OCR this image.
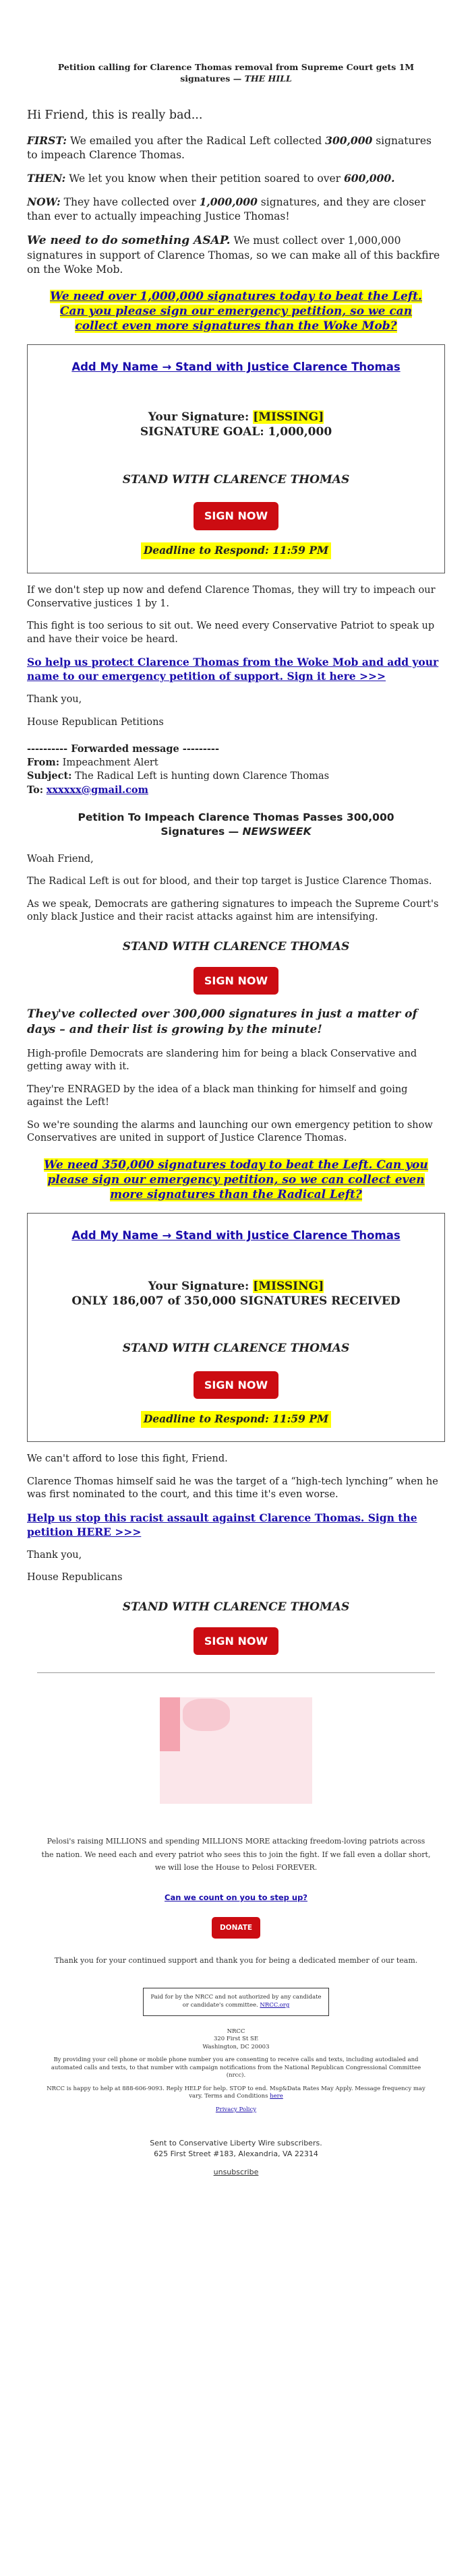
Petition calling for Clarence Thomas removal from Supreme Court gets 1M signatures — THE HILL

Hi Friend, this is really bad...

FIRST: We emailed you after the Radical Left collected 300,000 signatures to impeach Clarence Thomas.

THEN: We let you know when their petition soared to over 600,000.

NOW: They have collected over 1,000,000 signatures, and they are closer than ever to actually impeaching Justice Thomas!

We need to do something ASAP. We must collect over 1,000,000 signatures in support of Clarence Thomas, so we can make all of this backfire on the Woke Mob.

We need over 1,000,000 signatures today to beat the Left. Can you please sign our emergency petition, so we can collect even more signatures than the Woke Mob?
Add My Name → Stand with Justice Clarence Thomas
Your Signature: [MISSING]
SIGNATURE GOAL: 1,000,000
STAND WITH CLARENCE THOMAS
SIGN NOW
Deadline to Respond: 11:59 PM

If we don't step up now and defend Clarence Thomas, they will try to impeach our Conservative justices 1 by 1.

This fight is too serious to sit out. We need every Conservative Patriot to speak up and have their voice be heard.

So help us protect Clarence Thomas from the Woke Mob and add your name to our emergency petition of support. Sign it here >>>

Thank you,

House Republican Petitions

---------- Forwarded message ---------
From: Impeachment Alert
Subject: The Radical Left is hunting down Clarence Thomas
To: xxxxxx@gmail.com
Petition To Impeach Clarence Thomas Passes 300,000 Signatures — NEWSWEEK

Woah Friend,

The Radical Left is out for blood, and their top target is Justice Clarence Thomas.

As we speak, Democrats are gathering signatures to impeach the Supreme Court's only black Justice and their racist attacks against him are intensifying.

STAND WITH CLARENCE THOMAS
SIGN NOW

They've collected over 300,000 signatures in just a matter of days – and their list is growing by the minute!

High-profile Democrats are slandering him for being a black Conservative and getting away with it.

They're ENRAGED by the idea of a black man thinking for himself and going against the Left!

So we're sounding the alarms and launching our own emergency petition to show Conservatives are united in support of Justice Clarence Thomas.

We need 350,000 signatures today to beat the Left. Can you please sign our emergency petition, so we can collect even more signatures than the Radical Left?
Add My Name → Stand with Justice Clarence Thomas
Your Signature: [MISSING]
ONLY 186,007 of 350,000 SIGNATURES RECEIVED
STAND WITH CLARENCE THOMAS
SIGN NOW
Deadline to Respond: 11:59 PM

We can't afford to lose this fight, Friend.

Clarence Thomas himself said he was the target of a “high-tech lynching” when he was first nominated to the court, and this time it's even worse.

Help us stop this racist assault against Clarence Thomas. Sign the petition HERE >>>

Thank you,

House Republicans

STAND WITH CLARENCE THOMAS
SIGN NOW
Pelosi's raising MILLIONS and spending MILLIONS MORE attacking freedom-loving patriots across the nation. We need each and every patriot who sees this to join the fight. If we fall even a dollar short, we will lose the House to Pelosi FOREVER.
Can we count on you to step up?
DONATE
Thank you for your continued support and thank you for being a dedicated member of our team.
Paid for by the NRCC and not authorized by any candidate or candidate's committee. NRCC.org
NRCC
320 First St SE
Washington, DC 20003
By providing your cell phone or mobile phone number you are consenting to receive calls and texts, including autodialed and automated calls and texts, to that number with campaign notifications from the National Republican Congressional Committee (nrcc).
NRCC is happy to help at 888-606-9093. Reply HELP for help. STOP to end. Msg&Data Rates May Apply. Message frequency may vary. Terms and Conditions here
Privacy Policy
Sent to Conservative Liberty Wire subscribers.
625 First Street #183, Alexandria, VA 22314
unsubscribe
